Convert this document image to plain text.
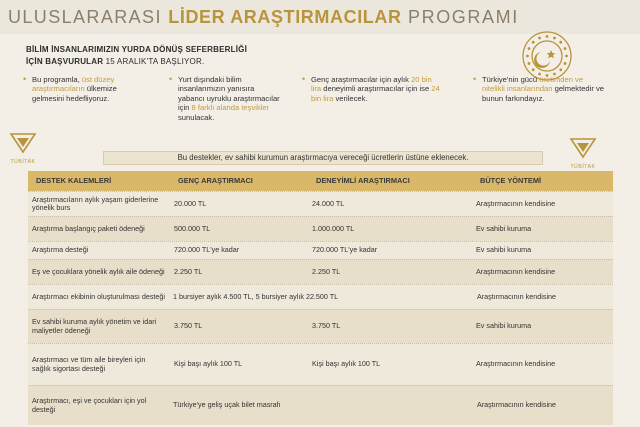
ULUSLARARASI LİDER ARAŞTIRMACILAR PROGRAMI
BİLİM İNSANLARIMIZIN YURDA DÖNÜŞ SEFERBERLİĞİ
İÇİN BAŞVURULAR 15 ARALIK'TA BAŞLIYOR.
• Bu programla, üst düzey araştırmacıların ülkemize gelmesini hedefliyoruz.
• Yurt dışındaki bilim insanlarımızın yanısıra yabancı uyruklu araştırmacılar için 8 farklı alanda teşvikler sunulacak.
• Genç araştırmacılar için aylık 20 bin lira deneyimli araştırmacılar için ise 24 bin lira verilecek.
• Türkiye'nin gücü üretimden ve nitelikli insanlarından gelmektedir ve bunun farkındayız.
TÜBİTAK
TÜBİTAK
Bu destekler, ev sahibi kurumun araştırmacıya vereceği ücretlerin üstüne eklenecek.
DESTEK KALEMLERİ	GENÇ ARAŞTIRMACI	DENEYİMLİ ARAŞTIRMACI	BÜTÇE YÖNTEMİ
Araştırmacıların aylık yaşam giderlerine yönelik burs	20.000 TL	24.000 TL	Araştırmacının kendisine
Araştırma başlangıç paketi ödeneği	500.000 TL	1.000.000 TL	Ev sahibi kuruma
Araştırma desteği	720.000 TL'ye kadar	720.000 TL'ye kadar	Ev sahibi kuruma
Eş ve çocuklara yönelik aylık aile ödeneği	2.250 TL	2.250 TL	Araştırmacının kendisine
Araştırmacı ekibinin oluşturulması desteği	1 bursiyer aylık 4.500 TL, 5 bursiyer aylık 22.500 TL	Araştırmacının kendisine
Ev sahibi kuruma aylık yönetim ve idari maliyetler ödeneği	3.750 TL	3.750 TL	Ev sahibi kuruma
Araştırmacı ve tüm aile bireyleri için sağlık sigortası desteği	Kişi başı aylık 100 TL	Kişi başı aylık 100 TL	Araştırmacının kendisine
Araştırmacı, eşi ve çocukları için yol desteği	Türkiye'ye geliş uçak bilet masrafı	Araştırmacının kendisine
